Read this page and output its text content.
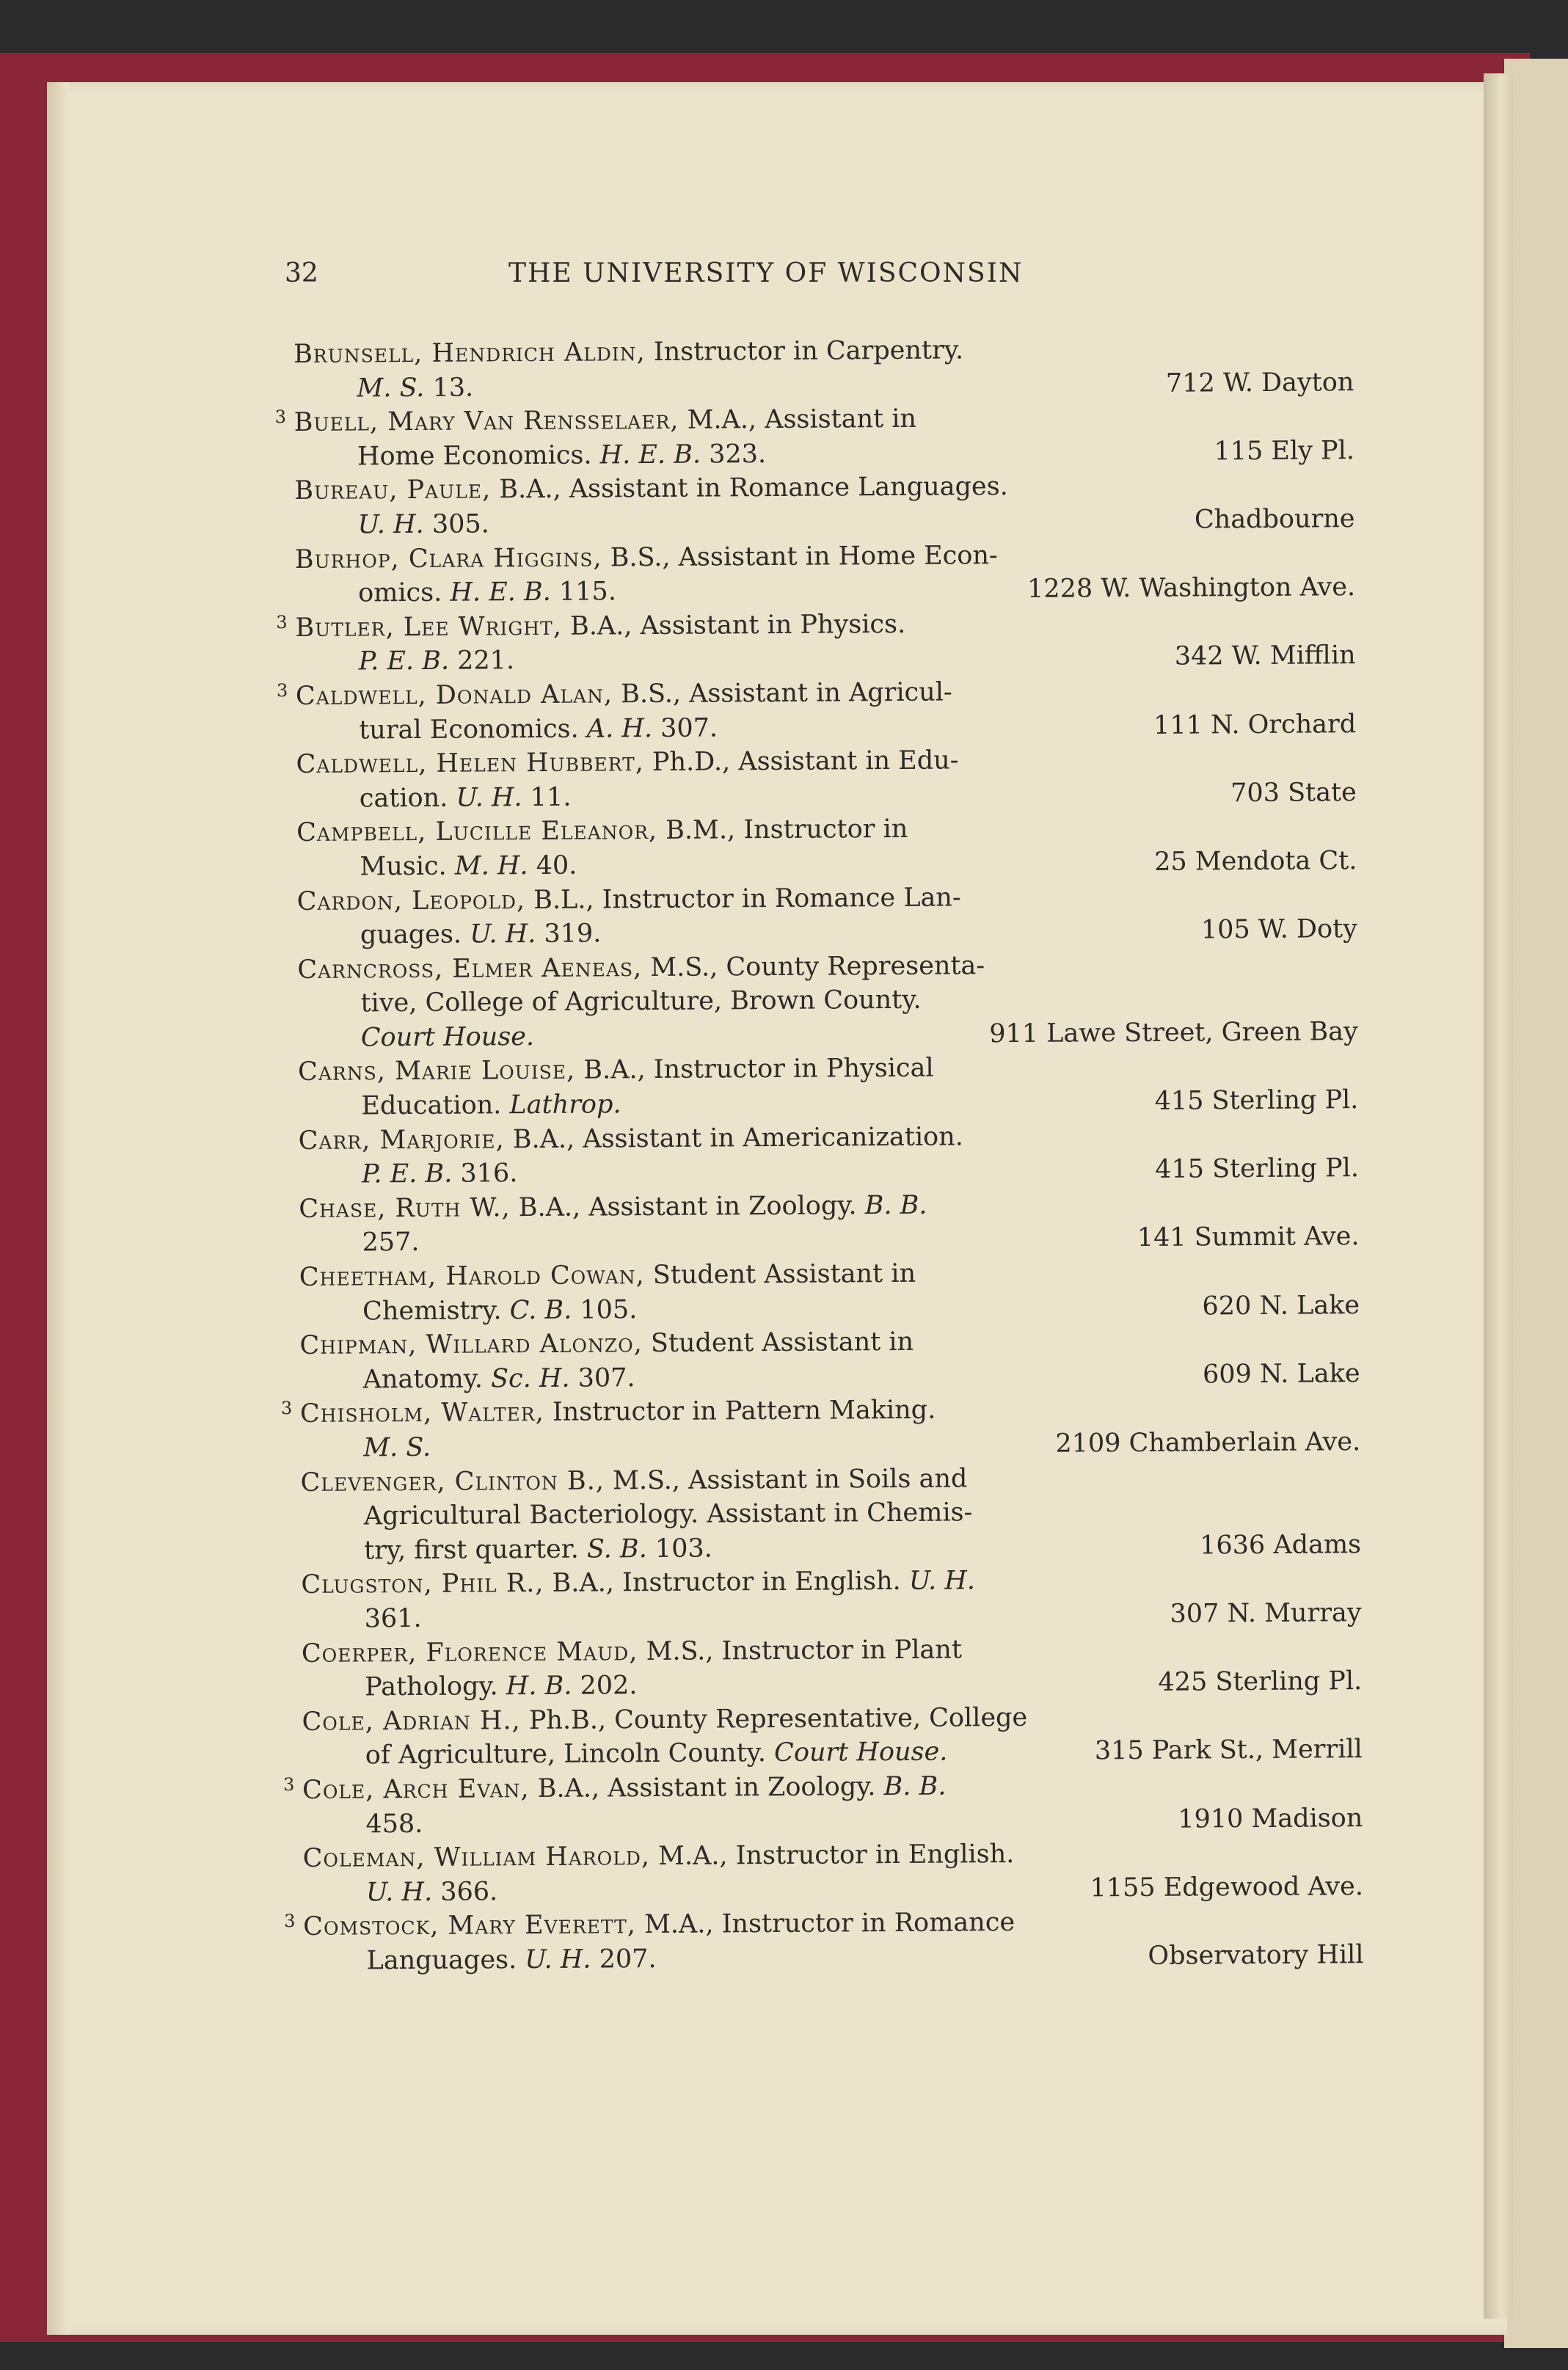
32	THE UNIVERSITY OF WISCONSIN
Brunsell, Hendrich Aldin, Instructor in Carpentry.
M. S. 13.	712 W. Dayton
3 Buell, Mary Van Rensselaer, M.A., Assistant in
Home Economics. H. E. B. 323.	115 Ely Pl.
Bureau, Paule, B.A., Assistant in Romance Languages.
U. H. 305.	Chadbourne
Burhop, Clara Higgins, B.S., Assistant in Home Econ-
omics. H. E. B. 115.	1228 W. Washington Ave.
3 Butler, Lee Wright, B.A., Assistant in Physics.
P. E. B. 221.	342 W. Mifflin
3 Caldwell, Donald Alan, B.S., Assistant in Agricul-
tural Economics. A. H. 307.	111 N. Orchard
Caldwell, Helen Hubbert, Ph.D., Assistant in Edu-
cation. U. H. 11.	703 State
Campbell, Lucille Eleanor, B.M., Instructor in
Music. M. H. 40.	25 Mendota Ct.
Cardon, Leopold, B.L., Instructor in Romance Lan-
guages. U. H. 319.	105 W. Doty
Carncross, Elmer Aeneas, M.S., County Representa-
tive, College of Agriculture, Brown County.
Court House.	911 Lawe Street, Green Bay
Carns, Marie Louise, B.A., Instructor in Physical
Education. Lathrop.	415 Sterling Pl.
Carr, Marjorie, B.A., Assistant in Americanization.
P. E. B. 316.	415 Sterling Pl.
Chase, Ruth W., B.A., Assistant in Zoology. B. B.
257.	141 Summit Ave.
Cheetham, Harold Cowan, Student Assistant in
Chemistry. C. B. 105.	620 N. Lake
Chipman, Willard Alonzo, Student Assistant in
Anatomy. Sc. H. 307.	609 N. Lake
3 Chisholm, Walter, Instructor in Pattern Making.
M. S.	2109 Chamberlain Ave.
Clevenger, Clinton B., M.S., Assistant in Soils and
Agricultural Bacteriology. Assistant in Chemis-
try, first quarter. S. B. 103.	1636 Adams
Clugston, Phil R., B.A., Instructor in English. U. H.
361.	307 N. Murray
Coerper, Florence Maud, M.S., Instructor in Plant
Pathology. H. B. 202.	425 Sterling Pl.
Cole, Adrian H., Ph.B., County Representative, College
of Agriculture, Lincoln County. Court House.	315 Park St., Merrill
3 Cole, Arch Evan, B.A., Assistant in Zoology. B. B.
458.	1910 Madison
Coleman, William Harold, M.A., Instructor in English.
U. H. 366.	1155 Edgewood Ave.
3 Comstock, Mary Everett, M.A., Instructor in Romance
Languages. U. H. 207.	Observatory Hill
